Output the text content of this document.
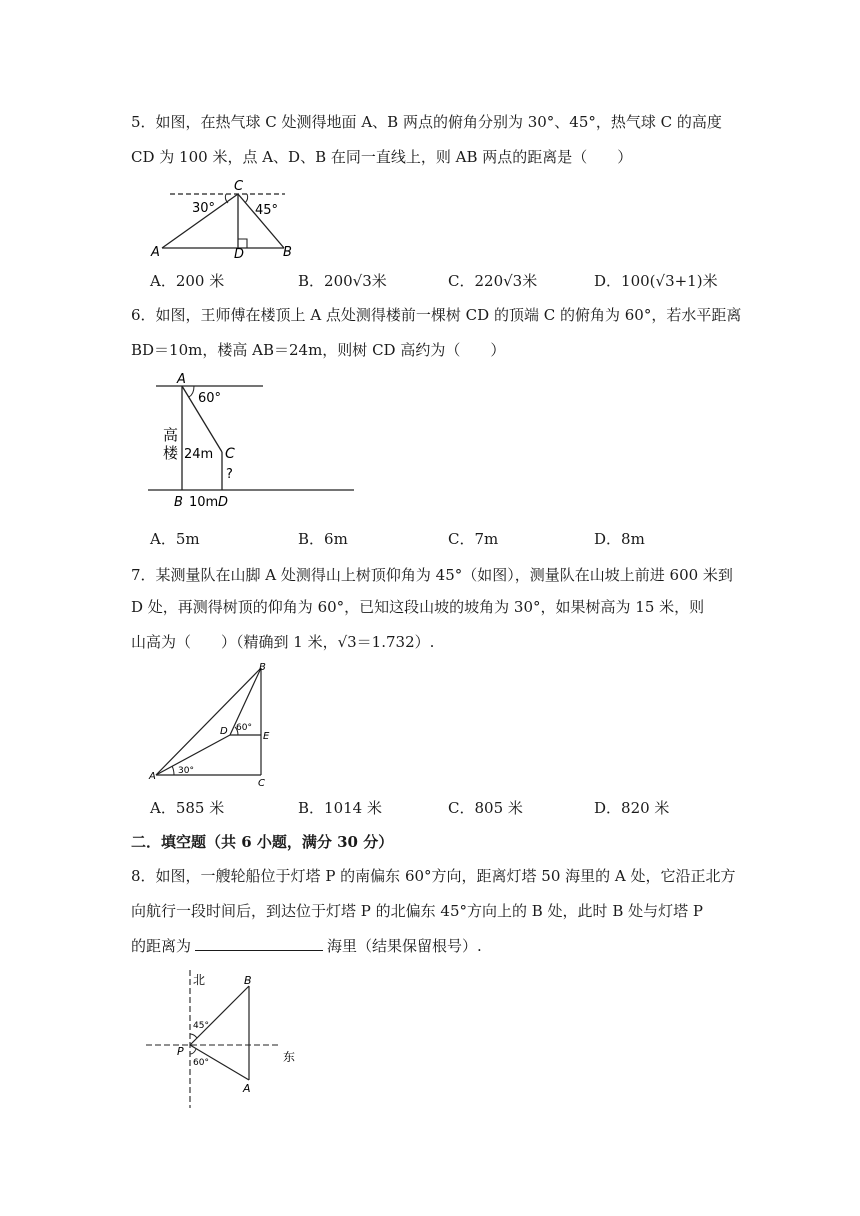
5．如图，在热气球 C 处测得地面 A、B 两点的俯角分别为 30°、45°，热气球 C 的高度
CD 为 100 米，点 A、D、B 在同一直线上，则 AB 两点的距离是（　　）
C
30°	45°
A	D	B
A．200 米	B．200√3米	C．220√3米	D．100(√3+1)米
6．如图，王师傅在楼顶上 A 点处测得楼前一棵树 CD 的顶端 C 的俯角为 60°，若水平距离
BD＝10m，楼高 AB＝24m，则树 CD 高约为（　　）
A
60°
高
楼 24m C
?
B 10m D
A．5m	B．6m	C．7m	D．8m
7．某测量队在山脚 A 处测得山上树顶仰角为 45°（如图），测量队在山坡上前进 600 米到
D 处，再测得树顶的仰角为 60°，已知这段山坡的坡角为 30°，如果树高为 15 米，则
山高为（　　）（精确到 1 米，√3＝1.732）.
B
D 60°
E
A 30°
C
A．585 米	B．1014 米	C．805 米	D．820 米
二．填空题（共 6 小题，满分 30 分）
8．如图，一艘轮船位于灯塔 P 的南偏东 60°方向，距离灯塔 50 海里的 A 处，它沿正北方
向航行一段时间后，到达位于灯塔 P 的北偏东 45°方向上的 B 处，此时 B 处与灯塔 P
的距离为	海里（结果保留根号）.
北	B
45°
P
60°	东
A
